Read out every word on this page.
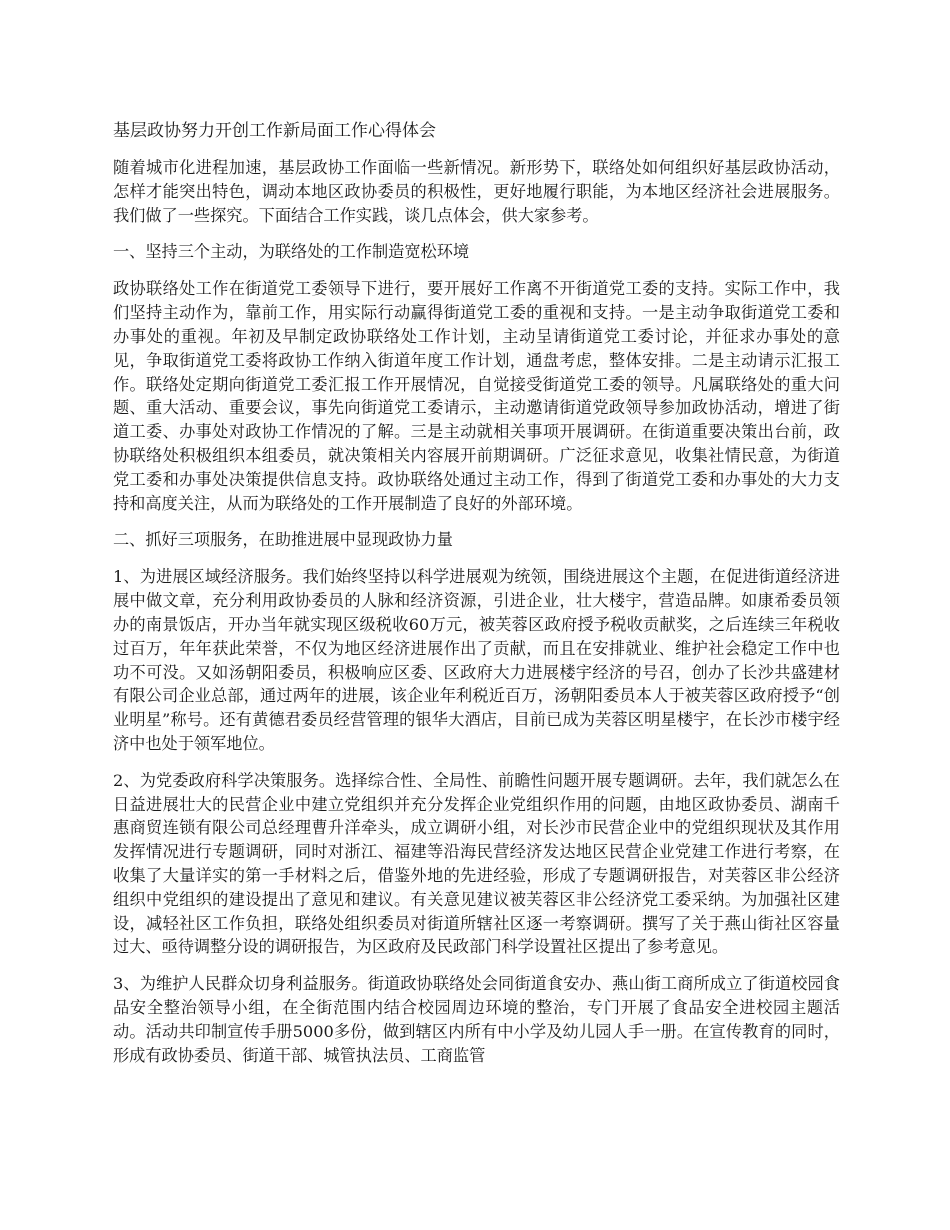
基层政协努力开创工作新局面工作心得体会
随着城市化进程加速，基层政协工作面临一些新情况。新形势下，联络处如何组织好基层政协活动，怎样才能突出特色，调动本地区政协委员的积极性，更好地履行职能，为本地区经济社会进展服务。我们做了一些探究。下面结合工作实践，谈几点体会，供大家参考。
一、坚持三个主动，为联络处的工作制造宽松环境
政协联络处工作在街道党工委领导下进行，要开展好工作离不开街道党工委的支持。实际工作中，我们坚持主动作为，靠前工作，用实际行动赢得街道党工委的重视和支持。一是主动争取街道党工委和办事处的重视。年初及早制定政协联络处工作计划，主动呈请街道党工委讨论，并征求办事处的意见，争取街道党工委将政协工作纳入街道年度工作计划，通盘考虑，整体安排。二是主动请示汇报工作。联络处定期向街道党工委汇报工作开展情况，自觉接受街道党工委的领导。凡属联络处的重大问题、重大活动、重要会议，事先向街道党工委请示，主动邀请街道党政领导参加政协活动，增进了街道工委、办事处对政协工作情况的了解。三是主动就相关事项开展调研。在街道重要决策出台前，政协联络处积极组织本组委员，就决策相关内容展开前期调研。广泛征求意见，收集社情民意，为街道党工委和办事处决策提供信息支持。政协联络处通过主动工作，得到了街道党工委和办事处的大力支持和高度关注，从而为联络处的工作开展制造了良好的外部环境。
二、抓好三项服务，在助推进展中显现政协力量
1、为进展区域经济服务。我们始终坚持以科学进展观为统领，围绕进展这个主题，在促进街道经济进展中做文章，充分利用政协委员的人脉和经济资源，引进企业，壮大楼宇，营造品牌。如康希委员领办的南景饭店，开办当年就实现区级税收60万元，被芙蓉区政府授予税收贡献奖，之后连续三年税收过百万，年年获此荣誉，不仅为地区经济进展作出了贡献，而且在安排就业、维护社会稳定工作中也功不可没。又如汤朝阳委员，积极响应区委、区政府大力进展楼宇经济的号召，创办了长沙共盛建材有限公司企业总部，通过两年的进展，该企业年利税近百万，汤朝阳委员本人于被芙蓉区政府授予“创业明星”称号。还有黄德君委员经营管理的银华大酒店，目前已成为芙蓉区明星楼宇，在长沙市楼宇经济中也处于领军地位。
2、为党委政府科学决策服务。选择综合性、全局性、前瞻性问题开展专题调研。去年，我们就怎么在日益进展壮大的民营企业中建立党组织并充分发挥企业党组织作用的问题，由地区政协委员、湖南千惠商贸连锁有限公司总经理曹升洋牵头，成立调研小组，对长沙市民营企业中的党组织现状及其作用发挥情况进行专题调研，同时对浙江、福建等沿海民营经济发达地区民营企业党建工作进行考察，在收集了大量详实的第一手材料之后，借鉴外地的先进经验，形成了专题调研报告，对芙蓉区非公经济组织中党组织的建设提出了意见和建议。有关意见建议被芙蓉区非公经济党工委采纳。为加强社区建设，减轻社区工作负担，联络处组织委员对街道所辖社区逐一考察调研。撰写了关于燕山街社区容量过大、亟待调整分设的调研报告，为区政府及民政部门科学设置社区提出了参考意见。
3、为维护人民群众切身利益服务。街道政协联络处会同街道食安办、燕山街工商所成立了街道校园食品安全整治领导小组，在全街范围内结合校园周边环境的整治，专门开展了食品安全进校园主题活动。活动共印制宣传手册5000多份，做到辖区内所有中小学及幼儿园人手一册。在宣传教育的同时，形成有政协委员、街道干部、城管执法员、工商监管
